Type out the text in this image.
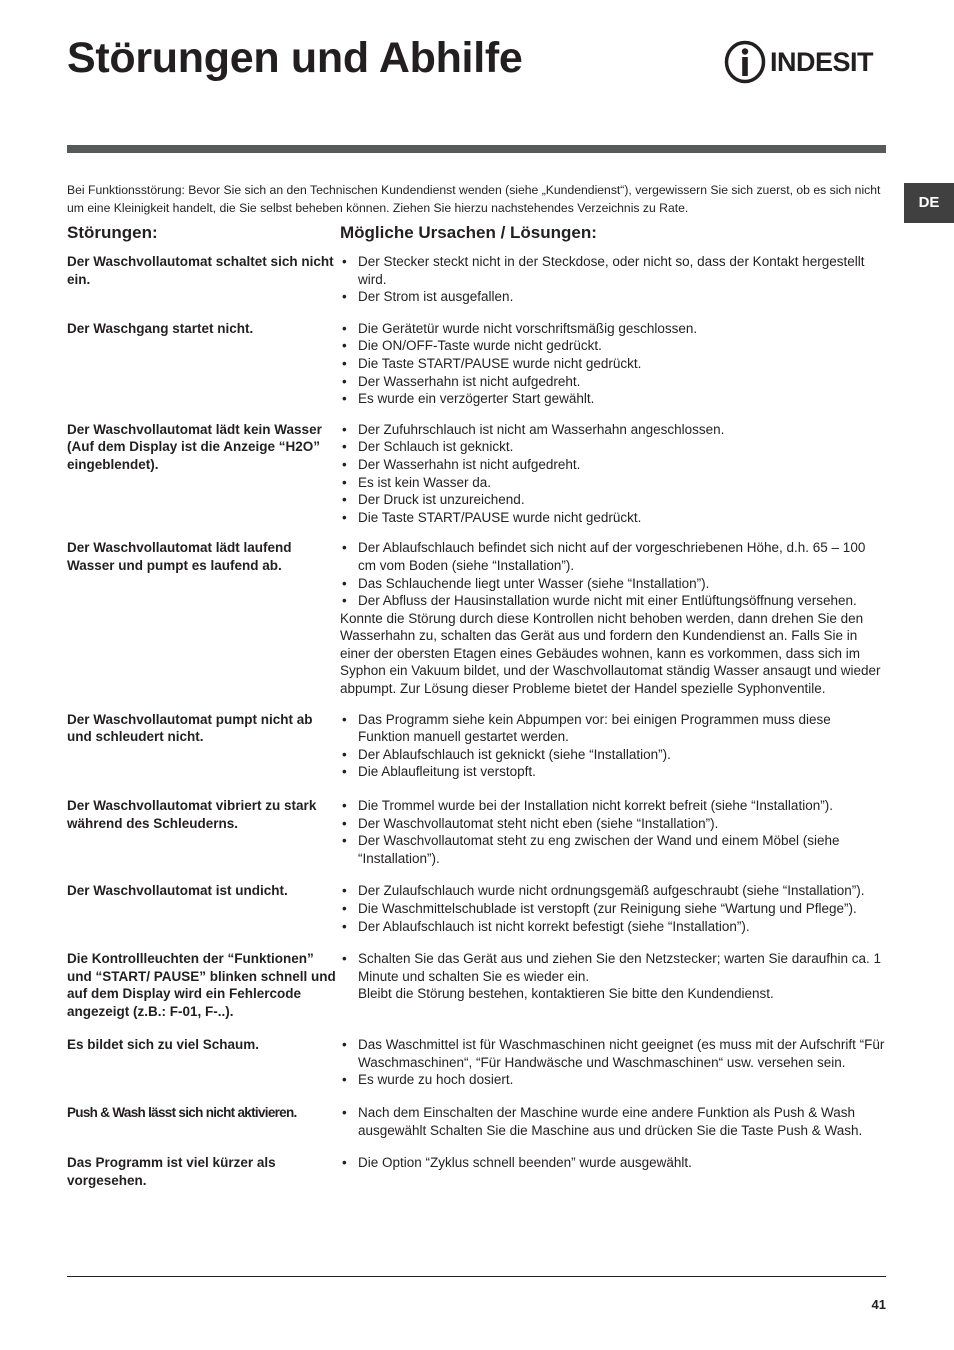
Störungen und Abhilfe	INDESIT
DE

Bei Funktionsstörung: Bevor Sie sich an den Technischen Kundendienst wenden (siehe „Kundendienst“), vergewissern Sie sich zuerst, ob es sich nicht um eine Kleinigkeit handelt, die Sie selbst beheben können. Ziehen Sie hierzu nachstehendes Verzeichnis zu Rate.

Störungen:	Mögliche Ursachen / Lösungen:
Der Waschvollautomat schaltet sich nicht ein.
• Der Stecker steckt nicht in der Steckdose, oder nicht so, dass der Kontakt hergestellt wird.
• Der Strom ist ausgefallen.
Der Waschgang startet nicht.	• Die Gerätetür wurde nicht vorschriftsmäßig geschlossen.
• Die ON/OFF-Taste wurde nicht gedrückt.
• Die Taste START/PAUSE wurde nicht gedrückt.
• Der Wasserhahn ist nicht aufgedreht.
• Es wurde ein verzögerter Start gewählt.
Der Waschvollautomat lädt kein Wasser (Auf dem Display ist die Anzeige “H2O” eingeblendet).
• Der Zufuhrschlauch ist nicht am Wasserhahn angeschlossen.
• Der Schlauch ist geknickt.
• Der Wasserhahn ist nicht aufgedreht.
• Es ist kein Wasser da.
• Der Druck ist unzureichend.
• Die Taste START/PAUSE wurde nicht gedrückt.
Der Waschvollautomat lädt laufend Wasser und pumpt es laufend ab.
• Der Ablaufschlauch befindet sich nicht auf der vorgeschriebenen Höhe, d.h. 65 – 100 cm vom Boden (siehe “Installation”).
• Das Schlauchende liegt unter Wasser (siehe “Installation”).
• Der Abfluss der Hausinstallation wurde nicht mit einer Entlüftungsöffnung versehen.

Konnte die Störung durch diese Kontrollen nicht behoben werden, dann drehen Sie den Wasserhahn zu, schalten das Gerät aus und fordern den Kundendienst an. Falls Sie in einer der obersten Etagen eines Gebäudes wohnen, kann es vorkommen, dass sich im Syphon ein Vakuum bildet, und der Waschvollautomat ständig Wasser ansaugt und wieder abpumpt. Zur Lösung dieser Probleme bietet der Handel spezielle Syphonventile.

Der Waschvollautomat pumpt nicht ab und schleudert nicht.
• Das Programm siehe kein Abpumpen vor: bei einigen Programmen muss diese Funktion manuell gestartet werden.
• Der Ablaufschlauch ist geknickt (siehe “Installation”).
• Die Ablaufleitung ist verstopft.
Der Waschvollautomat vibriert zu stark während des Schleuderns.
• Die Trommel wurde bei der Installation nicht korrekt befreit (siehe “Installation”).
• Der Waschvollautomat steht nicht eben (siehe “Installation”).
• Der Waschvollautomat steht zu eng zwischen der Wand und einem Möbel (siehe “Installation”).
Der Waschvollautomat ist undicht.	• Der Zulaufschlauch wurde nicht ordnungsgemäß aufgeschraubt (siehe “Installation”).
• Die Waschmittelschublade ist verstopft (zur Reinigung siehe “Wartung und Pflege”).
• Der Ablaufschlauch ist nicht korrekt befestigt (siehe “Installation”).
Die Kontrollleuchten der “Funktionen” und “START/ PAUSE” blinken schnell und auf dem Display wird ein Fehlercode angezeigt (z.B.: F-01, F-..).
• Schalten Sie das Gerät aus und ziehen Sie den Netzstecker; warten Sie daraufhin ca. 1 Minute und schalten Sie es wieder ein.
Bleibt die Störung bestehen, kontaktieren Sie bitte den Kundendienst.
Es bildet sich zu viel Schaum.	• Das Waschmittel ist für Waschmaschinen nicht geeignet (es muss mit der Aufschrift “Für Waschmaschinen“, “Für Handwäsche und Waschmaschinen“ usw. versehen sein.
• Es wurde zu hoch dosiert.
Push & Wash lässt sich nicht aktivieren.	• Nach dem Einschalten der Maschine wurde eine andere Funktion als Push & Wash ausgewählt Schalten Sie die Maschine aus und drücken Sie die Taste Push & Wash.
Das Programm ist viel kürzer als vorgesehen.
• Die Option “Zyklus schnell beenden” wurde ausgewählt.
41
